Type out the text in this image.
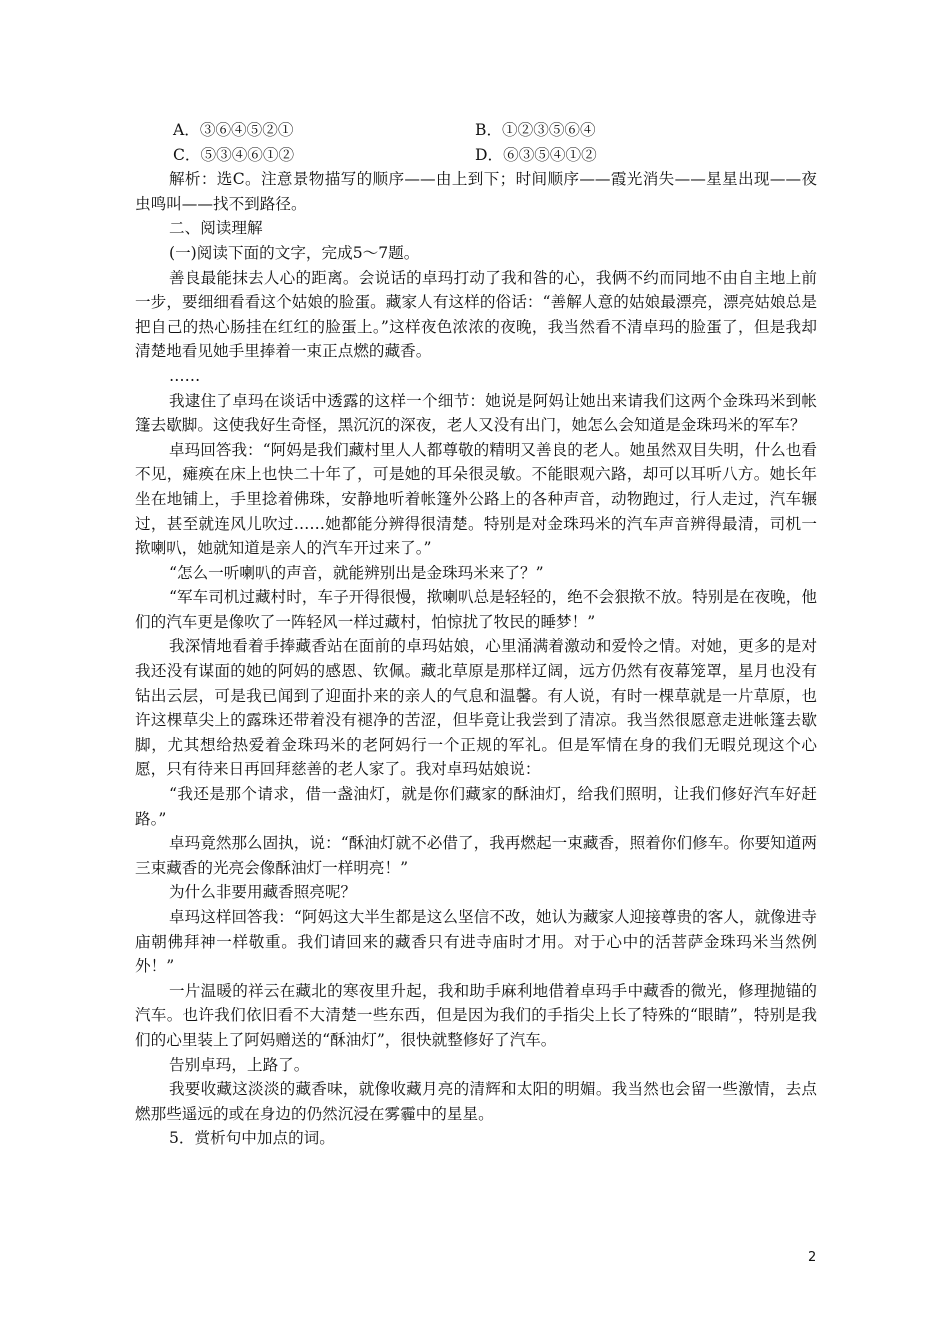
A．③⑥④⑤②①	B．①②③⑤⑥④
C．⑤③④⑥①②	D．⑥③⑤④①②

解析：选C。注意景物描写的顺序——由上到下；时间顺序——霞光消失——星星出现——夜虫鸣叫——找不到路径。

二、阅读理解

(一)阅读下面的文字，完成5～7题。

善良最能抹去人心的距离。会说话的卓玛打动了我和昝的心，我俩不约而同地不由自主地上前一步，要细细看看这个姑娘的脸蛋。藏家人有这样的俗话：“善解人意的姑娘最漂亮，漂亮姑娘总是把自己的热心肠挂在红红的脸蛋上。”这样夜色浓浓的夜晚，我当然看不清卓玛的脸蛋了，但是我却清楚地看见她手里捧着一束正点燃的藏香。

……

我逮住了卓玛在谈话中透露的这样一个细节：她说是阿妈让她出来请我们这两个金珠玛米到帐篷去歇脚。这使我好生奇怪，黑沉沉的深夜，老人又没有出门，她怎么会知道是金珠玛米的军车？

卓玛回答我：“阿妈是我们藏村里人人都尊敬的精明又善良的老人。她虽然双目失明，什么也看不见，瘫痪在床上也快二十年了，可是她的耳朵很灵敏。不能眼观六路，却可以耳听八方。她长年坐在地铺上，手里捻着佛珠，安静地听着帐篷外公路上的各种声音，动物跑过，行人走过，汽车辗过，甚至就连风儿吹过……她都能分辨得很清楚。特别是对金珠玛米的汽车声音辨得最清，司机一揿喇叭，她就知道是亲人的汽车开过来了。”

“怎么一听喇叭的声音，就能辨别出是金珠玛米来了？”

“军车司机过藏村时，车子开得很慢，揿喇叭总是轻轻的，绝不会狠揿不放。特别是在夜晚，他们的汽车更是像吹了一阵轻风一样过藏村，怕惊扰了牧民的睡梦！”

我深情地看着手捧藏香站在面前的卓玛姑娘，心里涌满着激动和爱怜之情。对她，更多的是对我还没有谋面的她的阿妈的感恩、钦佩。藏北草原是那样辽阔，远方仍然有夜幕笼罩，星月也没有钻出云层，可是我已闻到了迎面扑来的亲人的气息和温馨。有人说，有时一棵草就是一片草原，也许这棵草尖上的露珠还带着没有褪净的苦涩，但毕竟让我尝到了清凉。我当然很愿意走进帐篷去歇脚，尤其想给热爱着金珠玛米的老阿妈行一个正规的军礼。但是军情在身的我们无暇兑现这个心愿，只有待来日再回拜慈善的老人家了。我对卓玛姑娘说：

“我还是那个请求，借一盏油灯，就是你们藏家的酥油灯，给我们照明，让我们修好汽车好赶路。”

卓玛竟然那么固执，说：“酥油灯就不必借了，我再燃起一束藏香，照着你们修车。你要知道两三束藏香的光亮会像酥油灯一样明亮！”

为什么非要用藏香照亮呢？

卓玛这样回答我：“阿妈这大半生都是这么坚信不改，她认为藏家人迎接尊贵的客人，就像进寺庙朝佛拜神一样敬重。我们请回来的藏香只有进寺庙时才用。对于心中的活菩萨金珠玛米当然例外！”

一片温暖的祥云在藏北的寒夜里升起，我和助手麻利地借着卓玛手中藏香的微光，修理抛锚的汽车。也许我们依旧看不大清楚一些东西，但是因为我们的手指尖上长了特殊的“眼睛”，特别是我们的心里装上了阿妈赠送的“酥油灯”，很快就整修好了汽车。

告别卓玛，上路了。

我要收藏这淡淡的藏香味，就像收藏月亮的清辉和太阳的明媚。我当然也会留一些激情，去点燃那些遥远的或在身边的仍然沉浸在雾霾中的星星。

5．赏析句中加点的词。

2
